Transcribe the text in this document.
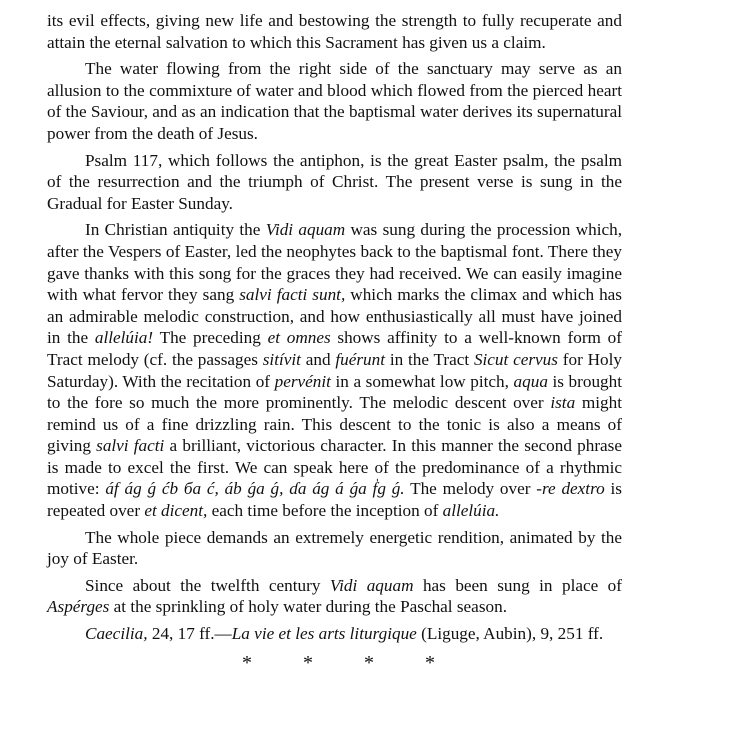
its evil effects, giving new life and bestowing the strength to fully recuperate and attain the eternal salvation to which this Sacrament has given us a claim.

The water flowing from the right side of the sanctuary may serve as an allusion to the commixture of water and blood which flowed from the pierced heart of the Saviour, and as an indication that the baptismal water derives its supernatural power from the death of Jesus.

Psalm 117, which follows the antiphon, is the great Easter psalm, the psalm of the resurrection and the triumph of Christ. The present verse is sung in the Gradual for Easter Sunday.

In Christian antiquity the Vidi aquam was sung during the procession which, after the Vespers of Easter, led the neophytes back to the baptismal font. There they gave thanks with this song for the graces they had received. We can easily imagine with what fervor they sang salvi facti sunt, which marks the climax and which has an admirable melodic construction, and how enthusiastically all must have joined in the allelúia! The preceding et omnes shows affinity to a well-known form of Tract melody (cf. the passages sitívit and fuérunt in the Tract Sicut cervus for Holy Saturday). With the recitation of pervénit in a somewhat low pitch, aqua is brought to the fore so much the more prominently. The melodic descent over ista might remind us of a fine drizzling rain. This descent to the tonic is also a means of giving salvi facti a brilliant, victorious character. In this manner the second phrase is made to excel the first. We can speak here of the predominance of a rhythmic motive: áf ág ǵ ćb ба ć, áb ǵa ǵ, ɗa ág á ǵa f̍g ǵ. The melody over -re dextro is repeated over et dicent, each time before the inception of allelúia.

The whole piece demands an extremely energetic rendition, animated by the joy of Easter.

Since about the twelfth century Vidi aquam has been sung in place of Aspérges at the sprinkling of holy water during the Paschal season.

Caecilia, 24, 17 ff.—La vie et les arts liturgique (Liguge, Aubin), 9, 251 ff.

*	*	*	*
